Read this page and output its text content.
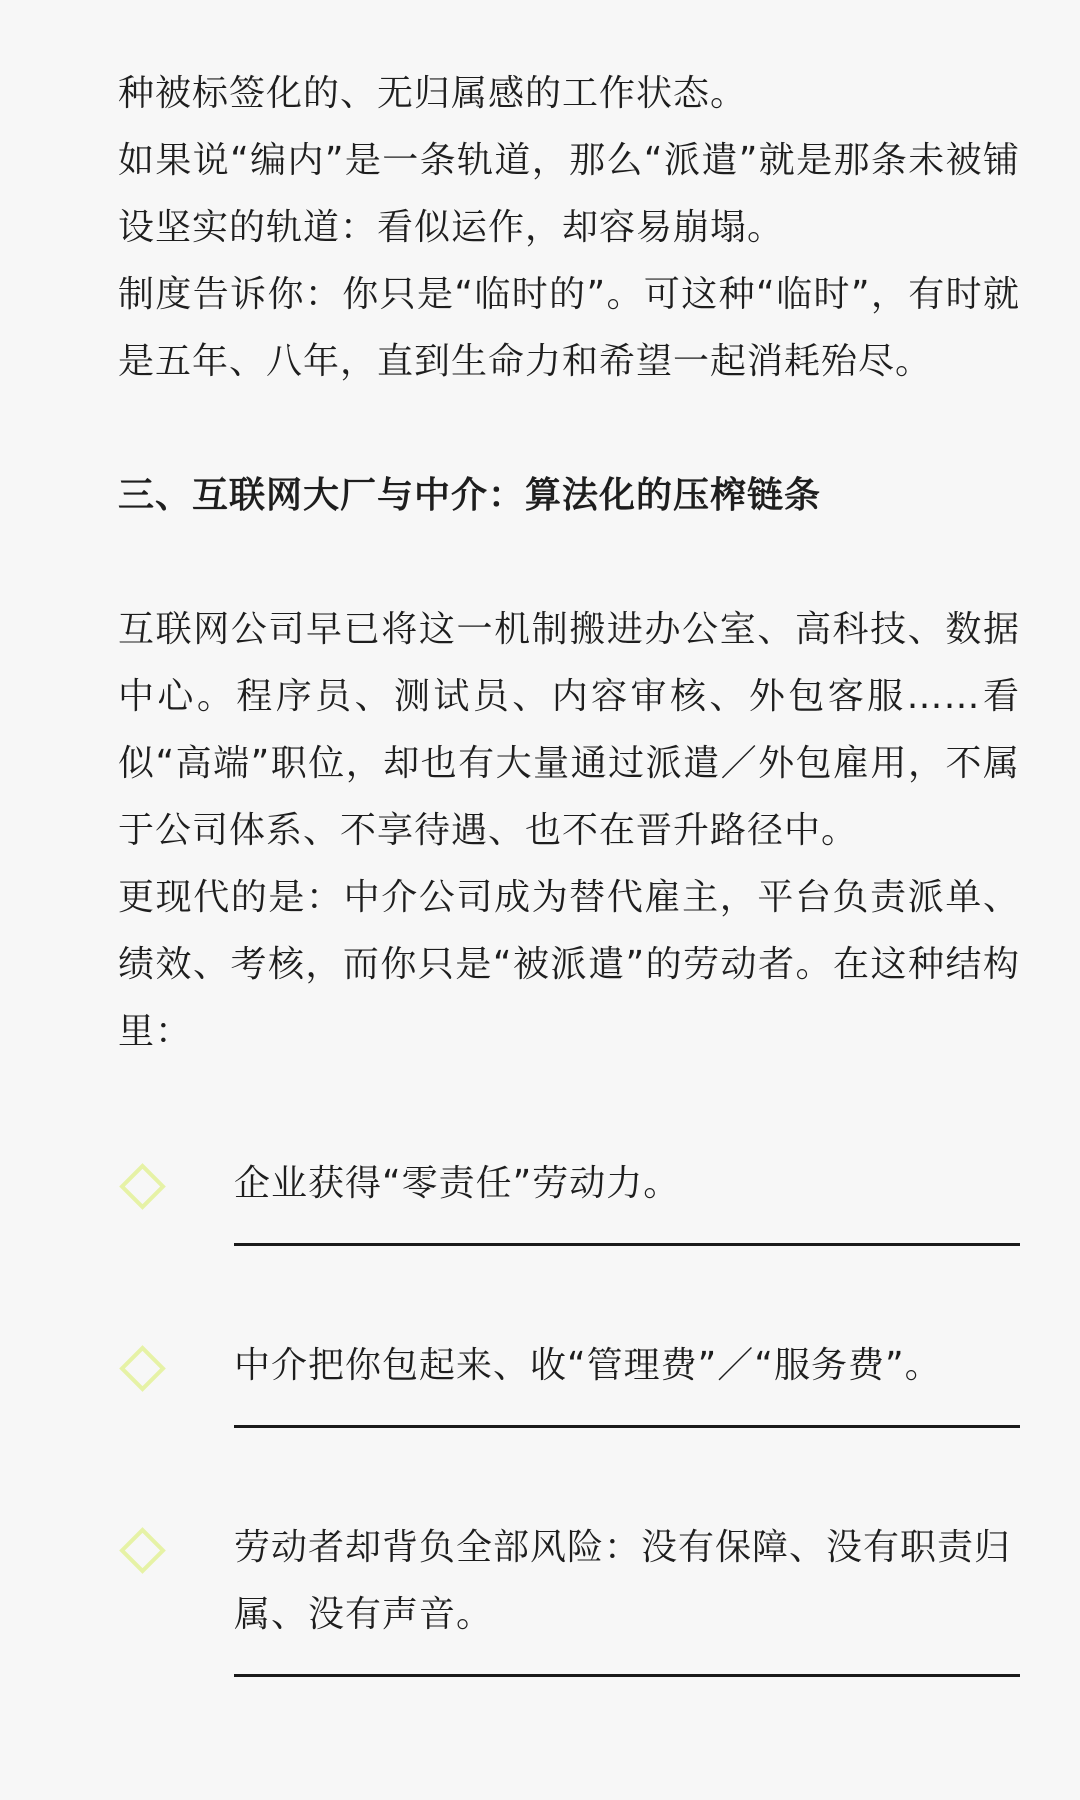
种被标签化的、无归属感的工作状态。

如果说“编内”是一条轨道，那么“派遣”就是那条未被铺设坚实的轨道：看似运作，却容易崩塌。

制度告诉你：你只是“临时的”。可这种“临时”，有时就是五年、八年，直到生命力和希望一起消耗殆尽。

三、互联网大厂与中介：算法化的压榨链条

互联网公司早已将这一机制搬进办公室、高科技、数据中心。程序员、测试员、内容审核、外包客服……看似“高端”职位，却也有大量通过派遣／外包雇用，不属于公司体系、不享待遇、也不在晋升路径中。

更现代的是：中介公司成为替代雇主，平台负责派单、绩效、考核，而你只是“被派遣”的劳动者。在这种结构里：

企业获得“零责任”劳动力。

中介把你包起来、收“管理费”／“服务费”。

劳动者却背负全部风险：没有保障、没有职责归属、没有声音。
